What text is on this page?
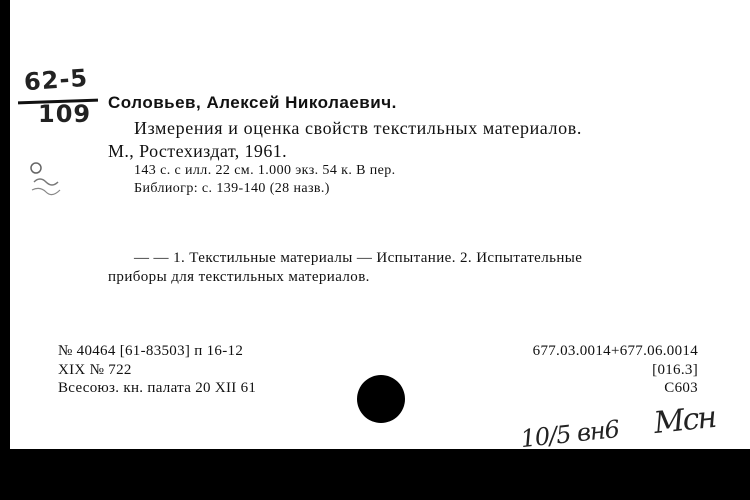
62-5
109 Соловьев, Алексей Николаевич.
Измерения и оценка свойств текстильных материалов.
М., Ростехиздат, 1961.
143 с. с илл. 22 см. 1.000 экз. 54 к. В пер.
Библиогр: с. 139-140 (28 назв.)
— — 1. Текстильные материалы — Испытание. 2. Испытательные
приборы для текстильных материалов.
№ 40464 [61-83503] п 16-12
XIX № 722
Всесоюз. кн. палата 20 XII 61
677.03.0014+677.06.0014
[016.3]
С603
10/5 вн6 Мсн
